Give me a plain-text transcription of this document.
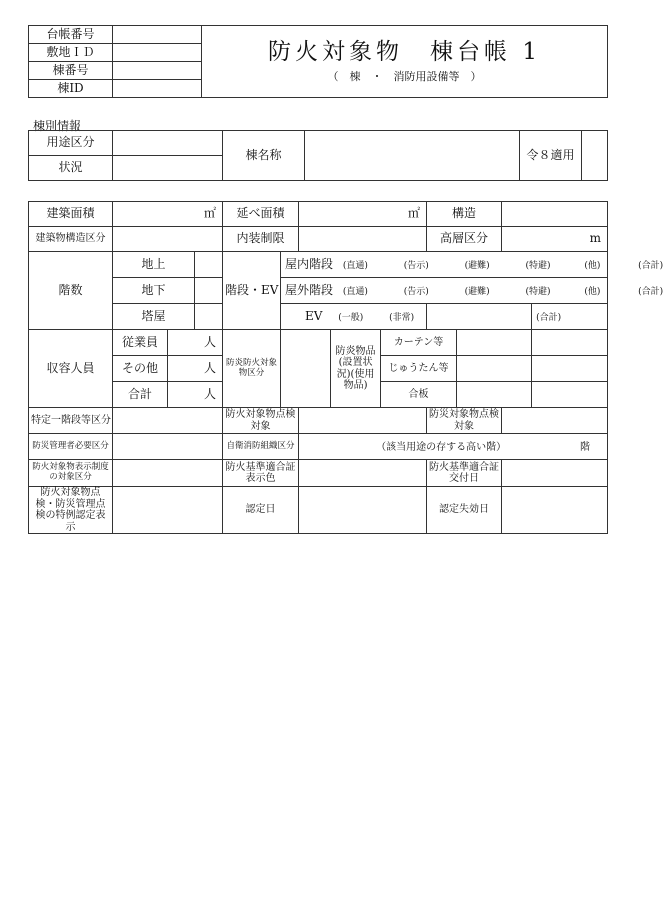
台帳番号		防火対象物　棟台帳 1
（　棟　・　消防用設備等　）

敷地ＩＤ		
棟番号		
棟ID		
棟別情報
用途区分		棟名称		令８適用	
状況					
建築面積	㎡			延べ面積		㎡			構造			
建築物構造区分				内装制限					高層区分		m	
階数	地上			階段・EV	屋内階段 (直通) (告示) (避難) (特避) (他) (合計)							
	地下				屋外階段 (直通) (告示) (避難) (特避) (他) (合計)							
	塔屋				EV (一般) (非常)							(合計)
収容人員	従業員	人		防炎防火対象物区分			防炎物品(設置状況)(使用物品)	カーテン等				
	その他	人						じゅうたん等				
	合計	人						合板				
特定一階段等区分				防火対象物点検対象					防災対象物点検対象			
防災管理者必要区分				自衛消防組織区分		（該当用途の存する高い階） 階						
防火対象物表示制度の対象区分				防火基準適合証表示色					防火基準適合証交付日			
防火対象物点検・防災管理点検の特例認定表示				認定日					認定失効日			
